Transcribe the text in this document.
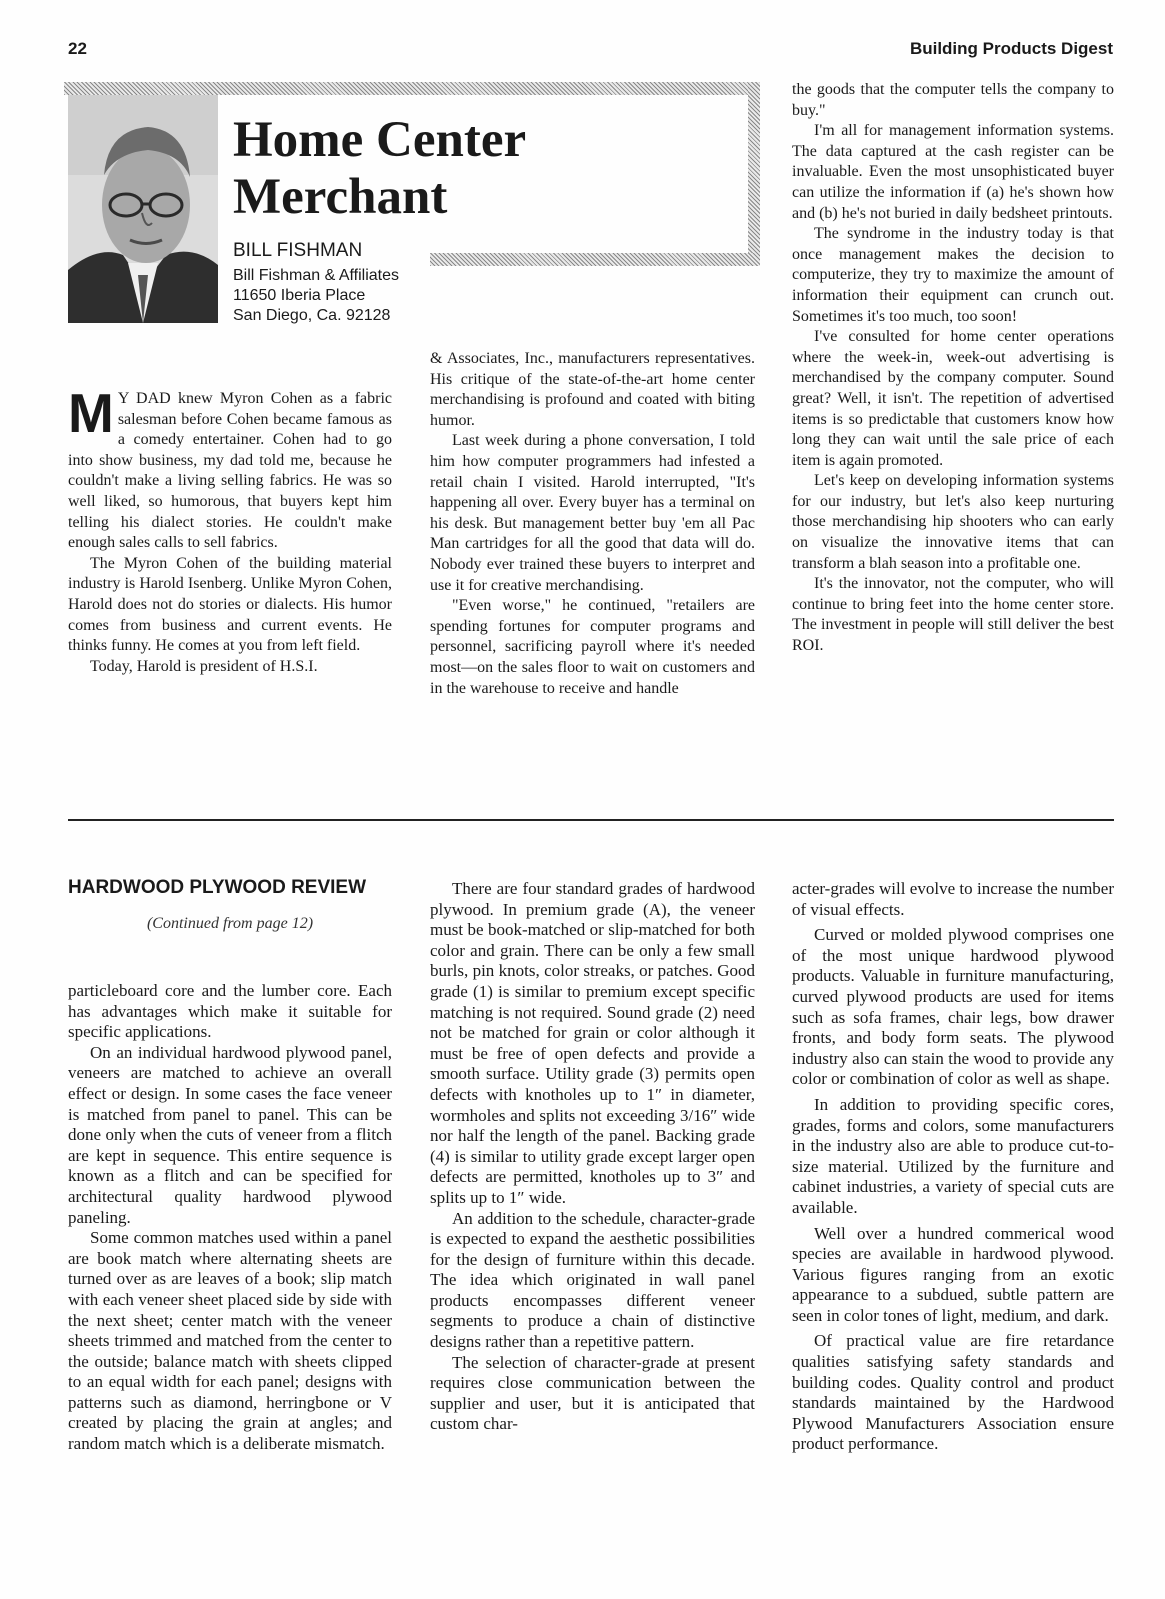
22	Building Products Digest
Home Center
Merchant
BILL FISHMAN
Bill Fishman & Affiliates
11650 Iberia Place
San Diego, Ca. 92128

M Y DAD knew Myron Cohen as a fabric salesman before Cohen became famous as a comedy entertainer. Cohen had to go into show business, my dad told me, because he couldn't make a living selling fabrics. He was so well liked, so humorous, that buyers kept him telling his dialect stories. He couldn't make enough sales calls to sell fabrics.

The Myron Cohen of the building material industry is Harold Isenberg. Unlike Myron Cohen, Harold does not do stories or dialects. His humor comes from business and current events. He thinks funny. He comes at you from left field.

Today, Harold is president of H.S.I.

& Associates, Inc., manufacturers representatives. His critique of the state-of-the-art home center merchandising is profound and coated with biting humor.

Last week during a phone conversation, I told him how computer programmers had infested a retail chain I visited. Harold interrupted, "It's happening all over. Every buyer has a terminal on his desk. But management better buy 'em all Pac Man cartridges for all the good that data will do. Nobody ever trained these buyers to interpret and use it for creative merchandising.

"Even worse," he continued, "retailers are spending fortunes for computer programs and personnel, sacrificing payroll where it's needed most—on the sales floor to wait on customers and in the warehouse to receive and handle

the goods that the computer tells the company to buy."

I'm all for management information systems. The data captured at the cash register can be invaluable. Even the most unsophisticated buyer can utilize the information if (a) he's shown how and (b) he's not buried in daily bedsheet printouts.

The syndrome in the industry today is that once management makes the decision to computerize, they try to maximize the amount of information their equipment can crunch out. Sometimes it's too much, too soon!

I've consulted for home center operations where the week-in, week-out advertising is merchandised by the company computer. Sound great? Well, it isn't. The repetition of advertised items is so predictable that customers know how long they can wait until the sale price of each item is again promoted.

Let's keep on developing information systems for our industry, but let's also keep nurturing those merchandising hip shooters who can early on visualize the innovative items that can transform a blah season into a profitable one.

It's the innovator, not the computer, who will continue to bring feet into the home center store. The investment in people will still deliver the best ROI.

HARDWOOD PLYWOOD REVIEW
(Continued from page 12)

particleboard core and the lumber core. Each has advantages which make it suitable for specific applications.

On an individual hardwood plywood panel, veneers are matched to achieve an overall effect or design. In some cases the face veneer is matched from panel to panel. This can be done only when the cuts of veneer from a flitch are kept in sequence. This entire sequence is known as a flitch and can be specified for architectural quality hardwood plywood paneling.

Some common matches used within a panel are book match where alternating sheets are turned over as are leaves of a book; slip match with each veneer sheet placed side by side with the next sheet; center match with the veneer sheets trimmed and matched from the center to the outside; balance match with sheets clipped to an equal width for each panel; designs with patterns such as diamond, herringbone or V created by placing the grain at angles; and random match which is a deliberate mismatch.

There are four standard grades of hardwood plywood. In premium grade (A), the veneer must be book-matched or slip-matched for both color and grain. There can be only a few small burls, pin knots, color streaks, or patches. Good grade (1) is similar to premium except specific matching is not required. Sound grade (2) need not be matched for grain or color although it must be free of open defects and provide a smooth surface. Utility grade (3) permits open defects with knotholes up to 1″ in diameter, wormholes and splits not exceeding 3/16″ wide nor half the length of the panel. Backing grade (4) is similar to utility grade except larger open defects are permitted, knotholes up to 3″ and splits up to 1″ wide.

An addition to the schedule, character-grade is expected to expand the aesthetic possibilities for the design of furniture within this decade. The idea which originated in wall panel products encompasses different veneer segments to produce a chain of distinctive designs rather than a repetitive pattern.

The selection of character-grade at present requires close communication between the supplier and user, but it is anticipated that custom char-

acter-grades will evolve to increase the number of visual effects.

Curved or molded plywood comprises one of the most unique hardwood plywood products. Valuable in furniture manufacturing, curved plywood products are used for items such as sofa frames, chair legs, bow drawer fronts, and body form seats. The plywood industry also can stain the wood to provide any color or combination of color as well as shape.

In addition to providing specific cores, grades, forms and colors, some manufacturers in the industry also are able to produce cut-to-size material. Utilized by the furniture and cabinet industries, a variety of special cuts are available.

Well over a hundred commerical wood species are available in hardwood plywood. Various figures ranging from an exotic appearance to a subdued, subtle pattern are seen in color tones of light, medium, and dark.

Of practical value are fire retardance qualities satisfying safety standards and building codes. Quality control and product standards maintained by the Hardwood Plywood Manufacturers Association ensure product performance.
